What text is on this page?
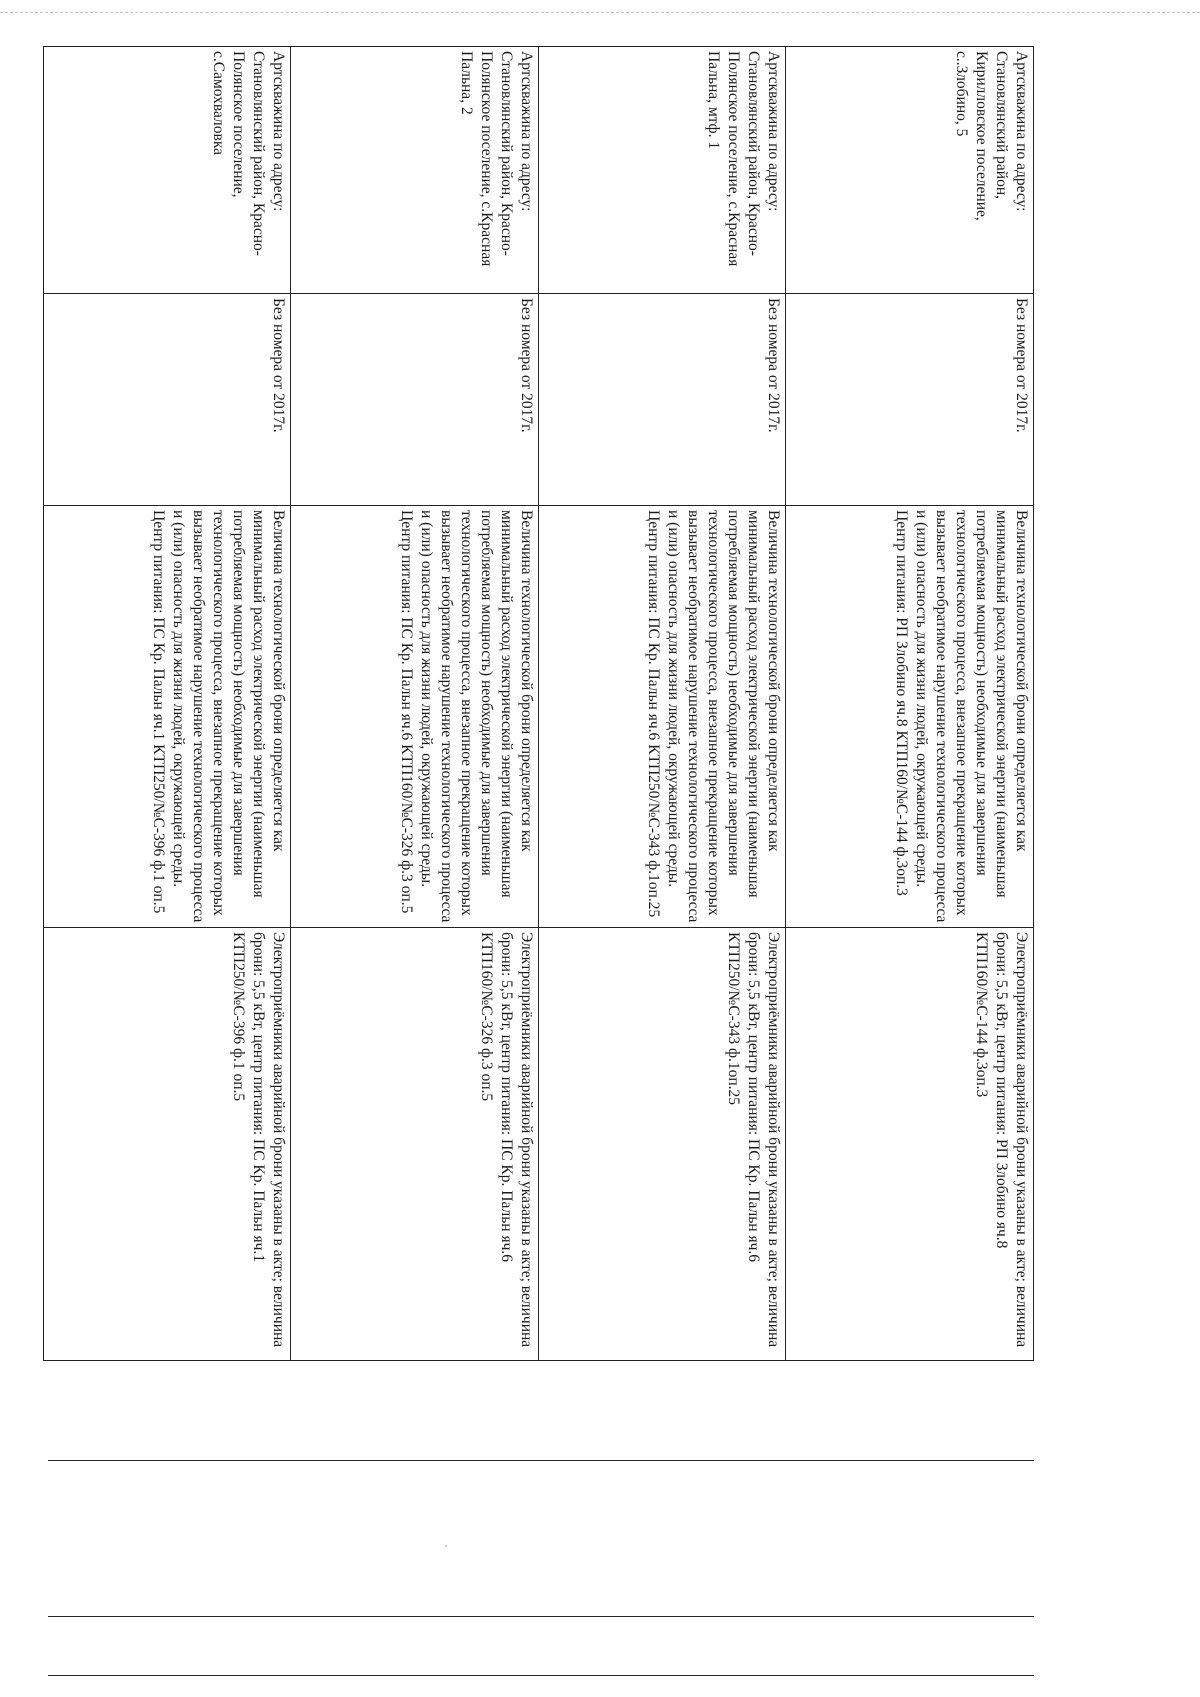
Артскважина по адресу: Становлянский район, Кирилловское поселение, с..Злобино, 5	Без номера от 2017г.	Величина технологической брони определяется как минимальный расход электрической энергии (наименьшая потребляемая мощность) необходимые для завершения технологического процесса, внезапное прекращение которых вызывает необратимое нарушение технологического процесса и (или) опасность для жизни людей, окружающей среды. Центр питания: РП Злобино яч.8 КТП160/№С-144 ф.3оп.3	Электроприёмники аварийной брони указаны в акте; величина брони: 5,5 кВт, центр питания: РП Злобино яч.8 КТП160/№С-144 ф.3оп.3
Артскважина по адресу: Становлянский район, Красно-Полянское поселение, с.Красная Пальна, мтф. 1	Без номера от 2017г.	Величина технологической брони определяется как минимальный расход электрической энергии (наименьшая потребляемая мощность) необходимые для завершения технологического процесса, внезапное прекращение которых вызывает необратимое нарушение технологического процесса и (или) опасность для жизни людей, окружающей среды. Центр питания: ПС Кр. Пальн яч.6 КТП250/№С-343 ф.1оп.25	Электроприёмники аварийной брони указаны в акте; величина брони: 5,5 кВт, центр питания: ПС Кр. Пальн яч.6 КТП250/№С-343 ф.1оп.25
Артскважина по адресу: Становлянский район, Красно-Полянское поселение, с.Красная Пальна, 2	Без номера от 2017г.	Величина технологической брони определяется как минимальный расход электрической энергии (наименьшая потребляемая мощность) необходимые для завершения технологического процесса, внезапное прекращение которых вызывает необратимое нарушение технологического процесса и (или) опасность для жизни людей, окружающей среды. Центр питания: ПС Кр. Пальн яч.6 КТП160/№С-326 ф.3 оп.5	Электроприёмники аварийной брони указаны в акте; величина брони: 5,5 кВт, центр питания: ПС Кр. Пальн яч.6 КТП160/№С-326 ф.3 оп.5
Артскважина по адресу: Становлянский район, Красно-Полянское поселение, с.Самохваловка	Без номера от 2017г.	Величина технологической брони определяется как минимальный расход электрической энергии (наименьшая потребляемая мощность) необходимые для завершения технологического процесса, внезапное прекращение которых вызывает необратимое нарушение технологического процесса и (или) опасность для жизни людей, окружающей среды. Центр питания: ПС Кр. Пальн яч.1 КТП250/№С-396 ф.1 оп.5	Электроприёмники аварийной брони указаны в акте; величина брони: 5,5 кВт, центр питания: ПС Кр. Пальн яч.1 КТП250/№С-396 ф.1 оп.5
